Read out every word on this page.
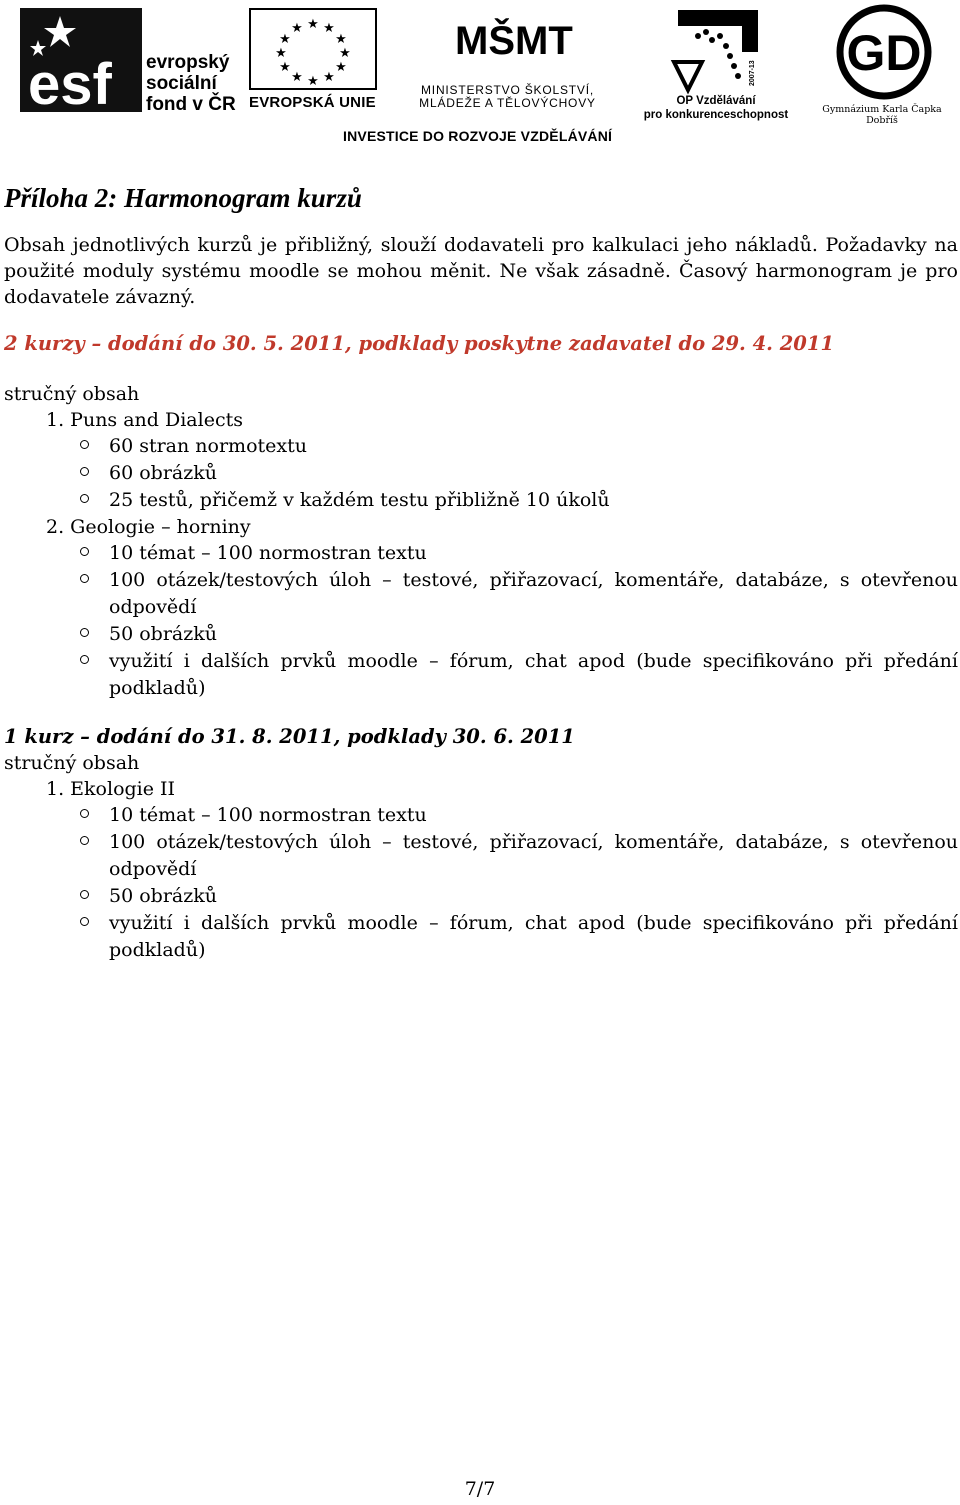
esf evropský
sociální
fond v ČR
★ ★
★
★
★
★
★
★
★
★
★
★
EVROPSKÁ UNIE
MŠMT
MINISTERSTVO ŠKOLSTVÍ,
MLÁDEŽE A TĚLOVÝCHOVY
2007-13
OP Vzdělávání
pro konkurenceschopnost
GD
Gymnázium Karla Čapka
Dobříš
INVESTICE DO ROZVOJE VZDĚLÁVÁNÍ
Příloha 2: Harmonogram kurzů

Obsah jednotlivých kurzů je přibližný, slouží dodavateli pro kalkulaci jeho nákladů. Požadavky na použité moduly systému moodle se mohou měnit. Ne však zásadně. Časový harmonogram je pro dodavatele závazný.

2 kurzy – dodání do 30. 5. 2011, podklady poskytne zadavatel do 29. 4. 2011
stručný obsah
1. Puns and Dialects
60 stran normotextu
60 obrázků
25 testů, přičemž v každém testu přibližně 10 úkolů
2. Geologie – horniny
10 témat – 100 normostran textu
100 otázek/testových úloh – testové, přiřazovací, komentáře, databáze, s otevřenou odpovědí
50 obrázků
využití i dalších prvků moodle – fórum, chat apod (bude specifikováno při předání podkladů)
1 kurz – dodání do 31. 8. 2011, podklady 30. 6. 2011
stručný obsah
1. Ekologie II
10 témat – 100 normostran textu
100 otázek/testových úloh – testové, přiřazovací, komentáře, databáze, s otevřenou odpovědí
50 obrázků
využití i dalších prvků moodle – fórum, chat apod (bude specifikováno při předání podkladů)
7/7
